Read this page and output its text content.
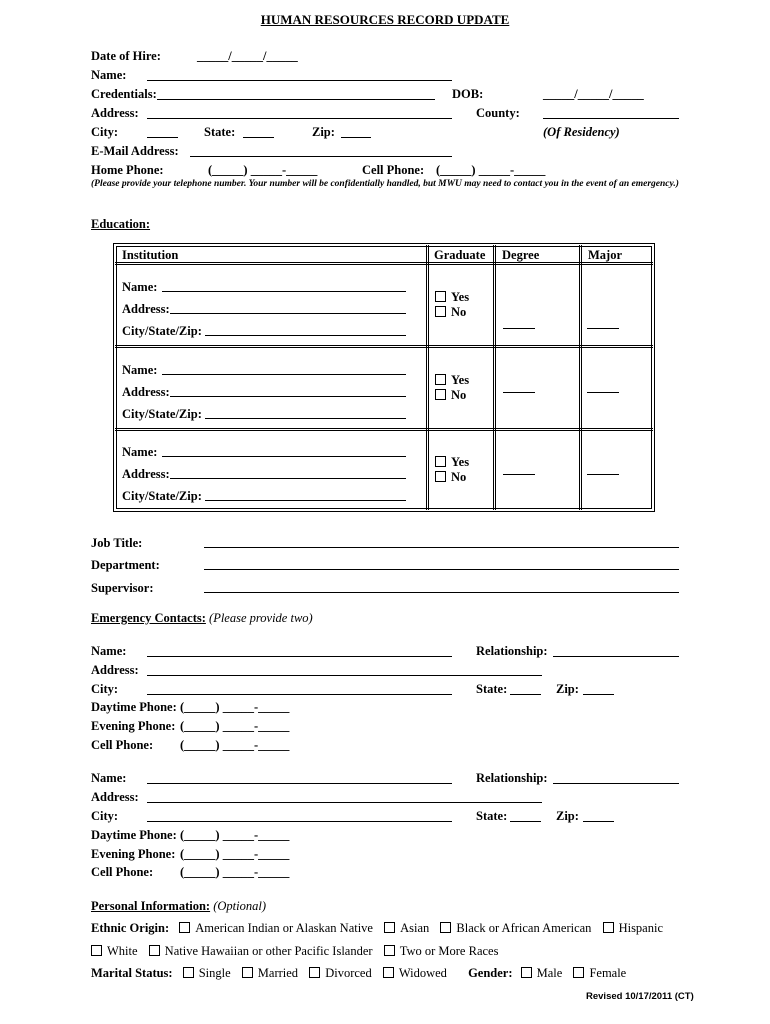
HUMAN RESOURCES RECORD UPDATE
Date of Hire:	_____/_____/_____
Name:
Credentials:	DOB:	_____/_____/_____
Address:	County:
City:	State:	Zip:	(Of Residency)
E-Mail Address:
Home Phone:	(_____) _____-_____	Cell Phone: (_____) _____-_____
(Please provide your telephone number. Your number will be confidentially handled, but MWU may need to contact you in the event of an emergency.)
Education:
Institution	Graduate Degree	Major
Name:
Address:
City/State/Zip:
Yes
No
Name:
Address:
City/State/Zip:
Yes
No
Name:
Address:
City/State/Zip:
Yes
No
Job Title:
Department:
Supervisor:
Emergency Contacts: (Please provide two)
Name:	Relationship:
Address:
City:	State:	Zip:
Daytime Phone: (_____) _____-_____
Evening Phone: (_____) _____-_____
Cell Phone: (_____) _____-_____
Name:	Relationship:
Address:
City:	State:	Zip:
Daytime Phone: (_____) _____-_____
Evening Phone: (_____) _____-_____
Cell Phone: (_____) _____-_____
Personal Information: (Optional)
Ethnic Origin: American Indian or Alaskan Native Asian Black or African American Hispanic
White Native Hawaiian or other Pacific Islander Two or More Races
Marital Status: Single Married Divorced Widowed Gender: Male Female
Revised 10/17/2011 (CT)
